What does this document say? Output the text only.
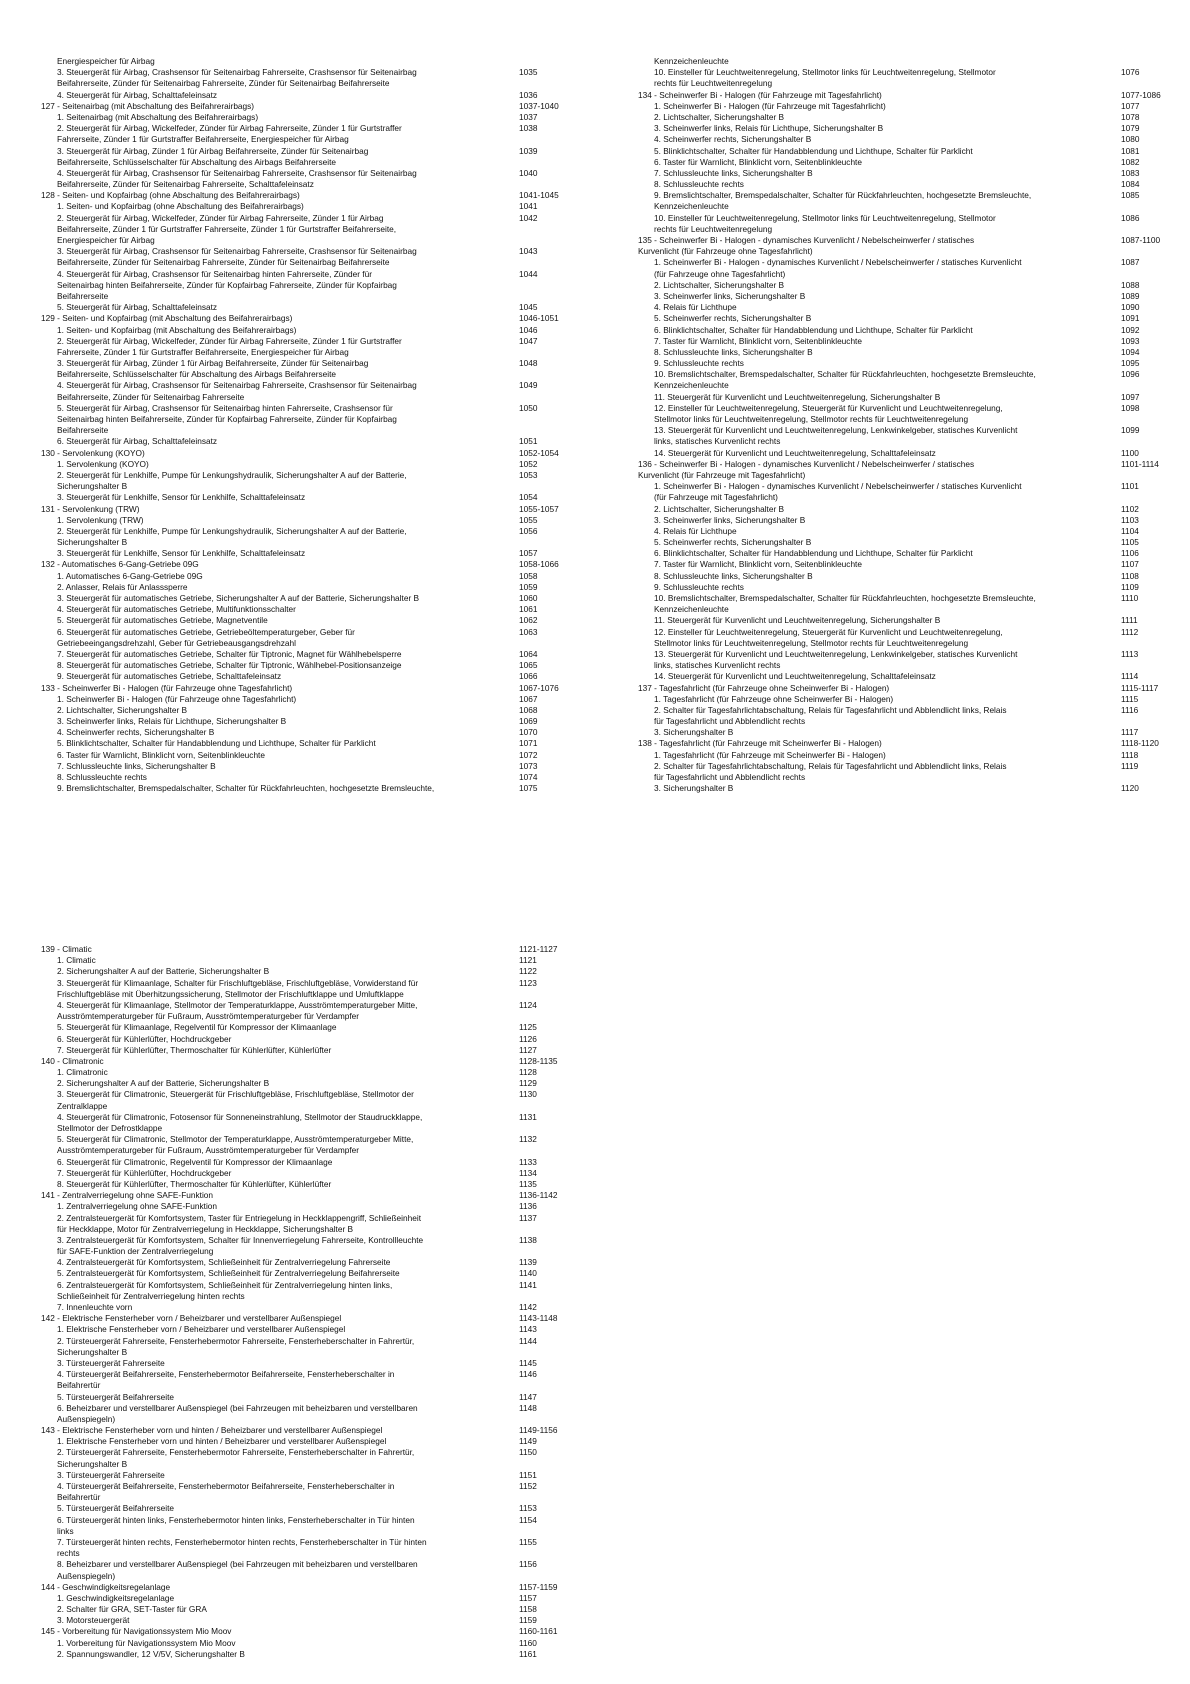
Energiespeicher für Airbag
3. Steuergerät für Airbag, Crashsensor für Seitenairbag Fahrerseite, Crashsensor für Seitenairbag	1035
Beifahrerseite, Zünder für Seitenairbag Fahrerseite, Zünder für Seitenairbag Beifahrerseite
4. Steuergerät für Airbag, Schalttafeleinsatz	1036
127 - Seitenairbag (mit Abschaltung des Beifahrerairbags)	1037-1040
1. Seitenairbag (mit Abschaltung des Beifahrerairbags)	1037
2. Steuergerät für Airbag, Wickelfeder, Zünder für Airbag Fahrerseite, Zünder 1 für Gurtstraffer	1038
Fahrerseite, Zünder 1 für Gurtstraffer Beifahrerseite, Energiespeicher für Airbag
3. Steuergerät für Airbag, Zünder 1 für Airbag Beifahrerseite, Zünder für Seitenairbag	1039
Beifahrerseite, Schlüsselschalter für Abschaltung des Airbags Beifahrerseite
4. Steuergerät für Airbag, Crashsensor für Seitenairbag Fahrerseite, Crashsensor für Seitenairbag	1040
Beifahrerseite, Zünder für Seitenairbag Fahrerseite, Schalttafeleinsatz
128 - Seiten- und Kopfairbag (ohne Abschaltung des Beifahrerairbags)	1041-1045
1. Seiten- und Kopfairbag (ohne Abschaltung des Beifahrerairbags)	1041
2. Steuergerät für Airbag, Wickelfeder, Zünder für Airbag Fahrerseite, Zünder 1 für Airbag	1042
Beifahrerseite, Zünder 1 für Gurtstraffer Fahrerseite, Zünder 1 für Gurtstraffer Beifahrerseite,
Energiespeicher für Airbag
3. Steuergerät für Airbag, Crashsensor für Seitenairbag Fahrerseite, Crashsensor für Seitenairbag	1043
Beifahrerseite, Zünder für Seitenairbag Fahrerseite, Zünder für Seitenairbag Beifahrerseite
4. Steuergerät für Airbag, Crashsensor für Seitenairbag hinten Fahrerseite, Zünder für	1044
Seitenairbag hinten Beifahrerseite, Zünder für Kopfairbag Fahrerseite, Zünder für Kopfairbag
Beifahrerseite
5. Steuergerät für Airbag, Schalttafeleinsatz	1045
129 - Seiten- und Kopfairbag (mit Abschaltung des Beifahrerairbags)	1046-1051
1. Seiten- und Kopfairbag (mit Abschaltung des Beifahrerairbags)	1046
2. Steuergerät für Airbag, Wickelfeder, Zünder für Airbag Fahrerseite, Zünder 1 für Gurtstraffer	1047
Fahrerseite, Zünder 1 für Gurtstraffer Beifahrerseite, Energiespeicher für Airbag
3. Steuergerät für Airbag, Zünder 1 für Airbag Beifahrerseite, Zünder für Seitenairbag	1048
Beifahrerseite, Schlüsselschalter für Abschaltung des Airbags Beifahrerseite
4. Steuergerät für Airbag, Crashsensor für Seitenairbag Fahrerseite, Crashsensor für Seitenairbag	1049
Beifahrerseite, Zünder für Seitenairbag Fahrerseite
5. Steuergerät für Airbag, Crashsensor für Seitenairbag hinten Fahrerseite, Crashsensor für	1050
Seitenairbag hinten Beifahrerseite, Zünder für Kopfairbag Fahrerseite, Zünder für Kopfairbag
Beifahrerseite
6. Steuergerät für Airbag, Schalttafeleinsatz	1051
130 - Servolenkung (KOYO)	1052-1054
1. Servolenkung (KOYO)	1052
2. Steuergerät für Lenkhilfe, Pumpe für Lenkungshydraulik, Sicherungshalter A auf der Batterie,	1053
Sicherungshalter B
3. Steuergerät für Lenkhilfe, Sensor für Lenkhilfe, Schalttafeleinsatz	1054
131 - Servolenkung (TRW)	1055-1057
1. Servolenkung (TRW)	1055
2. Steuergerät für Lenkhilfe, Pumpe für Lenkungshydraulik, Sicherungshalter A auf der Batterie,	1056
Sicherungshalter B
3. Steuergerät für Lenkhilfe, Sensor für Lenkhilfe, Schalttafeleinsatz	1057
132 - Automatisches 6-Gang-Getriebe 09G	1058-1066
1. Automatisches 6-Gang-Getriebe 09G	1058
2. Anlasser, Relais für Anlasssperre	1059
3. Steuergerät für automatisches Getriebe, Sicherungshalter A auf der Batterie, Sicherungshalter B	1060
4. Steuergerät für automatisches Getriebe, Multifunktionsschalter	1061
5. Steuergerät für automatisches Getriebe, Magnetventile	1062
6. Steuergerät für automatisches Getriebe, Getriebeöltemperaturgeber, Geber für	1063
Getriebeeingangsdrehzahl, Geber für Getriebeausgangsdrehzahl
7. Steuergerät für automatisches Getriebe, Schalter für Tiptronic, Magnet für Wählhebelsperre	1064
8. Steuergerät für automatisches Getriebe, Schalter für Tiptronic, Wählhebel-Positionsanzeige	1065
9. Steuergerät für automatisches Getriebe, Schalttafeleinsatz	1066
133 - Scheinwerfer Bi - Halogen (für Fahrzeuge ohne Tagesfahrlicht)	1067-1076
1. Scheinwerfer Bi - Halogen (für Fahrzeuge ohne Tagesfahrlicht)	1067
2. Lichtschalter, Sicherungshalter B	1068
3. Scheinwerfer links, Relais für Lichthupe, Sicherungshalter B	1069
4. Scheinwerfer rechts, Sicherungshalter B	1070
5. Blinklichtschalter, Schalter für Handabblendung und Lichthupe, Schalter für Parklicht	1071
6. Taster für Warnlicht, Blinklicht vorn, Seitenblinkleuchte	1072
7. Schlussleuchte links, Sicherungshalter B	1073
8. Schlussleuchte rechts	1074
9. Bremslichtschalter, Bremspedalschalter, Schalter für Rückfahrleuchten, hochgesetzte Bremsleuchte,	1075
Kennzeichenleuchte
10. Einsteller für Leuchtweitenregelung, Stellmotor links für Leuchtweitenregelung, Stellmotor	1076
rechts für Leuchtweitenregelung
134 - Scheinwerfer Bi - Halogen (für Fahrzeuge mit Tagesfahrlicht)	1077-1086
1. Scheinwerfer Bi - Halogen (für Fahrzeuge mit Tagesfahrlicht)	1077
2. Lichtschalter, Sicherungshalter B	1078
3. Scheinwerfer links, Relais für Lichthupe, Sicherungshalter B	1079
4. Scheinwerfer rechts, Sicherungshalter B	1080
5. Blinklichtschalter, Schalter für Handabblendung und Lichthupe, Schalter für Parklicht	1081
6. Taster für Warnlicht, Blinklicht vorn, Seitenblinkleuchte	1082
7. Schlussleuchte links, Sicherungshalter B	1083
8. Schlussleuchte rechts	1084
9. Bremslichtschalter, Bremspedalschalter, Schalter für Rückfahrleuchten, hochgesetzte Bremsleuchte,	1085
Kennzeichenleuchte
10. Einsteller für Leuchtweitenregelung, Stellmotor links für Leuchtweitenregelung, Stellmotor	1086
rechts für Leuchtweitenregelung
135 - Scheinwerfer Bi - Halogen - dynamisches Kurvenlicht / Nebelscheinwerfer / statisches	1087-1100
Kurvenlicht (für Fahrzeuge ohne Tagesfahrlicht)
1. Scheinwerfer Bi - Halogen - dynamisches Kurvenlicht / Nebelscheinwerfer / statisches Kurvenlicht	1087
(für Fahrzeuge ohne Tagesfahrlicht)
2. Lichtschalter, Sicherungshalter B	1088
3. Scheinwerfer links, Sicherungshalter B	1089
4. Relais für Lichthupe	1090
5. Scheinwerfer rechts, Sicherungshalter B	1091
6. Blinklichtschalter, Schalter für Handabblendung und Lichthupe, Schalter für Parklicht	1092
7. Taster für Warnlicht, Blinklicht vorn, Seitenblinkleuchte	1093
8. Schlussleuchte links, Sicherungshalter B	1094
9. Schlussleuchte rechts	1095
10. Bremslichtschalter, Bremspedalschalter, Schalter für Rückfahrleuchten, hochgesetzte Bremsleuchte,	1096
Kennzeichenleuchte
11. Steuergerät für Kurvenlicht und Leuchtweitenregelung, Sicherungshalter B	1097
12. Einsteller für Leuchtweitenregelung, Steuergerät für Kurvenlicht und Leuchtweitenregelung,	1098
Stellmotor links für Leuchtweitenregelung, Stellmotor rechts für Leuchtweitenregelung
13. Steuergerät für Kurvenlicht und Leuchtweitenregelung, Lenkwinkelgeber, statisches Kurvenlicht	1099
links, statisches Kurvenlicht rechts
14. Steuergerät für Kurvenlicht und Leuchtweitenregelung, Schalttafeleinsatz	1100
136 - Scheinwerfer Bi - Halogen - dynamisches Kurvenlicht / Nebelscheinwerfer / statisches	1101-1114
Kurvenlicht (für Fahrzeuge mit Tagesfahrlicht)
1. Scheinwerfer Bi - Halogen - dynamisches Kurvenlicht / Nebelscheinwerfer / statisches Kurvenlicht	1101
(für Fahrzeuge mit Tagesfahrlicht)
2. Lichtschalter, Sicherungshalter B	1102
3. Scheinwerfer links, Sicherungshalter B	1103
4. Relais für Lichthupe	1104
5. Scheinwerfer rechts, Sicherungshalter B	1105
6. Blinklichtschalter, Schalter für Handabblendung und Lichthupe, Schalter für Parklicht	1106
7. Taster für Warnlicht, Blinklicht vorn, Seitenblinkleuchte	1107
8. Schlussleuchte links, Sicherungshalter B	1108
9. Schlussleuchte rechts	1109
10. Bremslichtschalter, Bremspedalschalter, Schalter für Rückfahrleuchten, hochgesetzte Bremsleuchte,	1110
Kennzeichenleuchte
11. Steuergerät für Kurvenlicht und Leuchtweitenregelung, Sicherungshalter B	1111
12. Einsteller für Leuchtweitenregelung, Steuergerät für Kurvenlicht und Leuchtweitenregelung,	1112
Stellmotor links für Leuchtweitenregelung, Stellmotor rechts für Leuchtweitenregelung
13. Steuergerät für Kurvenlicht und Leuchtweitenregelung, Lenkwinkelgeber, statisches Kurvenlicht	1113
links, statisches Kurvenlicht rechts
14. Steuergerät für Kurvenlicht und Leuchtweitenregelung, Schalttafeleinsatz	1114
137 - Tagesfahrlicht (für Fahrzeuge ohne Scheinwerfer Bi - Halogen)	1115-1117
1. Tagesfahrlicht (für Fahrzeuge ohne Scheinwerfer Bi - Halogen)	1115
2. Schalter für Tagesfahrlichtabschaltung, Relais für Tagesfahrlicht und Abblendlicht links, Relais	1116
für Tagesfahrlicht und Abblendlicht rechts
3. Sicherungshalter B	1117
138 - Tagesfahrlicht (für Fahrzeuge mit Scheinwerfer Bi - Halogen)	1118-1120
1. Tagesfahrlicht (für Fahrzeuge mit Scheinwerfer Bi - Halogen)	1118
2. Schalter für Tagesfahrlichtabschaltung, Relais für Tagesfahrlicht und Abblendlicht links, Relais	1119
für Tagesfahrlicht und Abblendlicht rechts
3. Sicherungshalter B	1120
139 - Climatic	1121-1127
1. Climatic	1121
2. Sicherungshalter A auf der Batterie, Sicherungshalter B	1122
3. Steuergerät für Klimaanlage, Schalter für Frischluftgebläse, Frischluftgebläse, Vorwiderstand für	1123
Frischluftgebläse mit Überhitzungssicherung, Stellmotor der Frischluftklappe und Umluftklappe
4. Steuergerät für Klimaanlage, Stellmotor der Temperaturklappe, Ausströmtemperaturgeber Mitte,	1124
Ausströmtemperaturgeber für Fußraum, Ausströmtemperaturgeber für Verdampfer
5. Steuergerät für Klimaanlage, Regelventil für Kompressor der Klimaanlage	1125
6. Steuergerät für Kühlerlüfter, Hochdruckgeber	1126
7. Steuergerät für Kühlerlüfter, Thermoschalter für Kühlerlüfter, Kühlerlüfter	1127
140 - Climatronic	1128-1135
1. Climatronic	1128
2. Sicherungshalter A auf der Batterie, Sicherungshalter B	1129
3. Steuergerät für Climatronic, Steuergerät für Frischluftgebläse, Frischluftgebläse, Stellmotor der	1130
Zentralklappe
4. Steuergerät für Climatronic, Fotosensor für Sonneneinstrahlung, Stellmotor der Staudruckklappe,	1131
Stellmotor der Defrostklappe
5. Steuergerät für Climatronic, Stellmotor der Temperaturklappe, Ausströmtemperaturgeber Mitte,	1132
Ausströmtemperaturgeber für Fußraum, Ausströmtemperaturgeber für Verdampfer
6. Steuergerät für Climatronic, Regelventil für Kompressor der Klimaanlage	1133
7. Steuergerät für Kühlerlüfter, Hochdruckgeber	1134
8. Steuergerät für Kühlerlüfter, Thermoschalter für Kühlerlüfter, Kühlerlüfter	1135
141 - Zentralverriegelung ohne SAFE-Funktion	1136-1142
1. Zentralverriegelung ohne SAFE-Funktion	1136
2. Zentralsteuergerät für Komfortsystem, Taster für Entriegelung in Heckklappengriff, Schließeinheit	1137
für Heckklappe, Motor für Zentralverriegelung in Heckklappe, Sicherungshalter B
3. Zentralsteuergerät für Komfortsystem, Schalter für Innenverriegelung Fahrerseite, Kontrollleuchte	1138
für SAFE-Funktion der Zentralverriegelung
4. Zentralsteuergerät für Komfortsystem, Schließeinheit für Zentralverriegelung Fahrerseite	1139
5. Zentralsteuergerät für Komfortsystem, Schließeinheit für Zentralverriegelung Beifahrerseite	1140
6. Zentralsteuergerät für Komfortsystem, Schließeinheit für Zentralverriegelung hinten links,	1141
Schließeinheit für Zentralverriegelung hinten rechts
7. Innenleuchte vorn	1142
142 - Elektrische Fensterheber vorn / Beheizbarer und verstellbarer Außenspiegel	1143-1148
1. Elektrische Fensterheber vorn / Beheizbarer und verstellbarer Außenspiegel	1143
2. Türsteuergerät Fahrerseite, Fensterhebermotor Fahrerseite, Fensterheberschalter in Fahrertür,	1144
Sicherungshalter B
3. Türsteuergerät Fahrerseite	1145
4. Türsteuergerät Beifahrerseite, Fensterhebermotor Beifahrerseite, Fensterheberschalter in	1146
Beifahrertür
5. Türsteuergerät Beifahrerseite	1147
6. Beheizbarer und verstellbarer Außenspiegel (bei Fahrzeugen mit beheizbaren und verstellbaren	1148
Außenspiegeln)
143 - Elektrische Fensterheber vorn und hinten / Beheizbarer und verstellbarer Außenspiegel	1149-1156
1. Elektrische Fensterheber vorn und hinten / Beheizbarer und verstellbarer Außenspiegel	1149
2. Türsteuergerät Fahrerseite, Fensterhebermotor Fahrerseite, Fensterheberschalter in Fahrertür,	1150
Sicherungshalter B
3. Türsteuergerät Fahrerseite	1151
4. Türsteuergerät Beifahrerseite, Fensterhebermotor Beifahrerseite, Fensterheberschalter in	1152
Beifahrertür
5. Türsteuergerät Beifahrerseite	1153
6. Türsteuergerät hinten links, Fensterhebermotor hinten links, Fensterheberschalter in Tür hinten	1154
links
7. Türsteuergerät hinten rechts, Fensterhebermotor hinten rechts, Fensterheberschalter in Tür hinten	1155
rechts
8. Beheizbarer und verstellbarer Außenspiegel (bei Fahrzeugen mit beheizbaren und verstellbaren	1156
Außenspiegeln)
144 - Geschwindigkeitsregelanlage	1157-1159
1. Geschwindigkeitsregelanlage	1157
2. Schalter für GRA, SET-Taster für GRA	1158
3. Motorsteuergerät	1159
145 - Vorbereitung für Navigationssystem Mio Moov	1160-1161
1. Vorbereitung für Navigationssystem Mio Moov	1160
2. Spannungswandler, 12 V/5V, Sicherungshalter B	1161
